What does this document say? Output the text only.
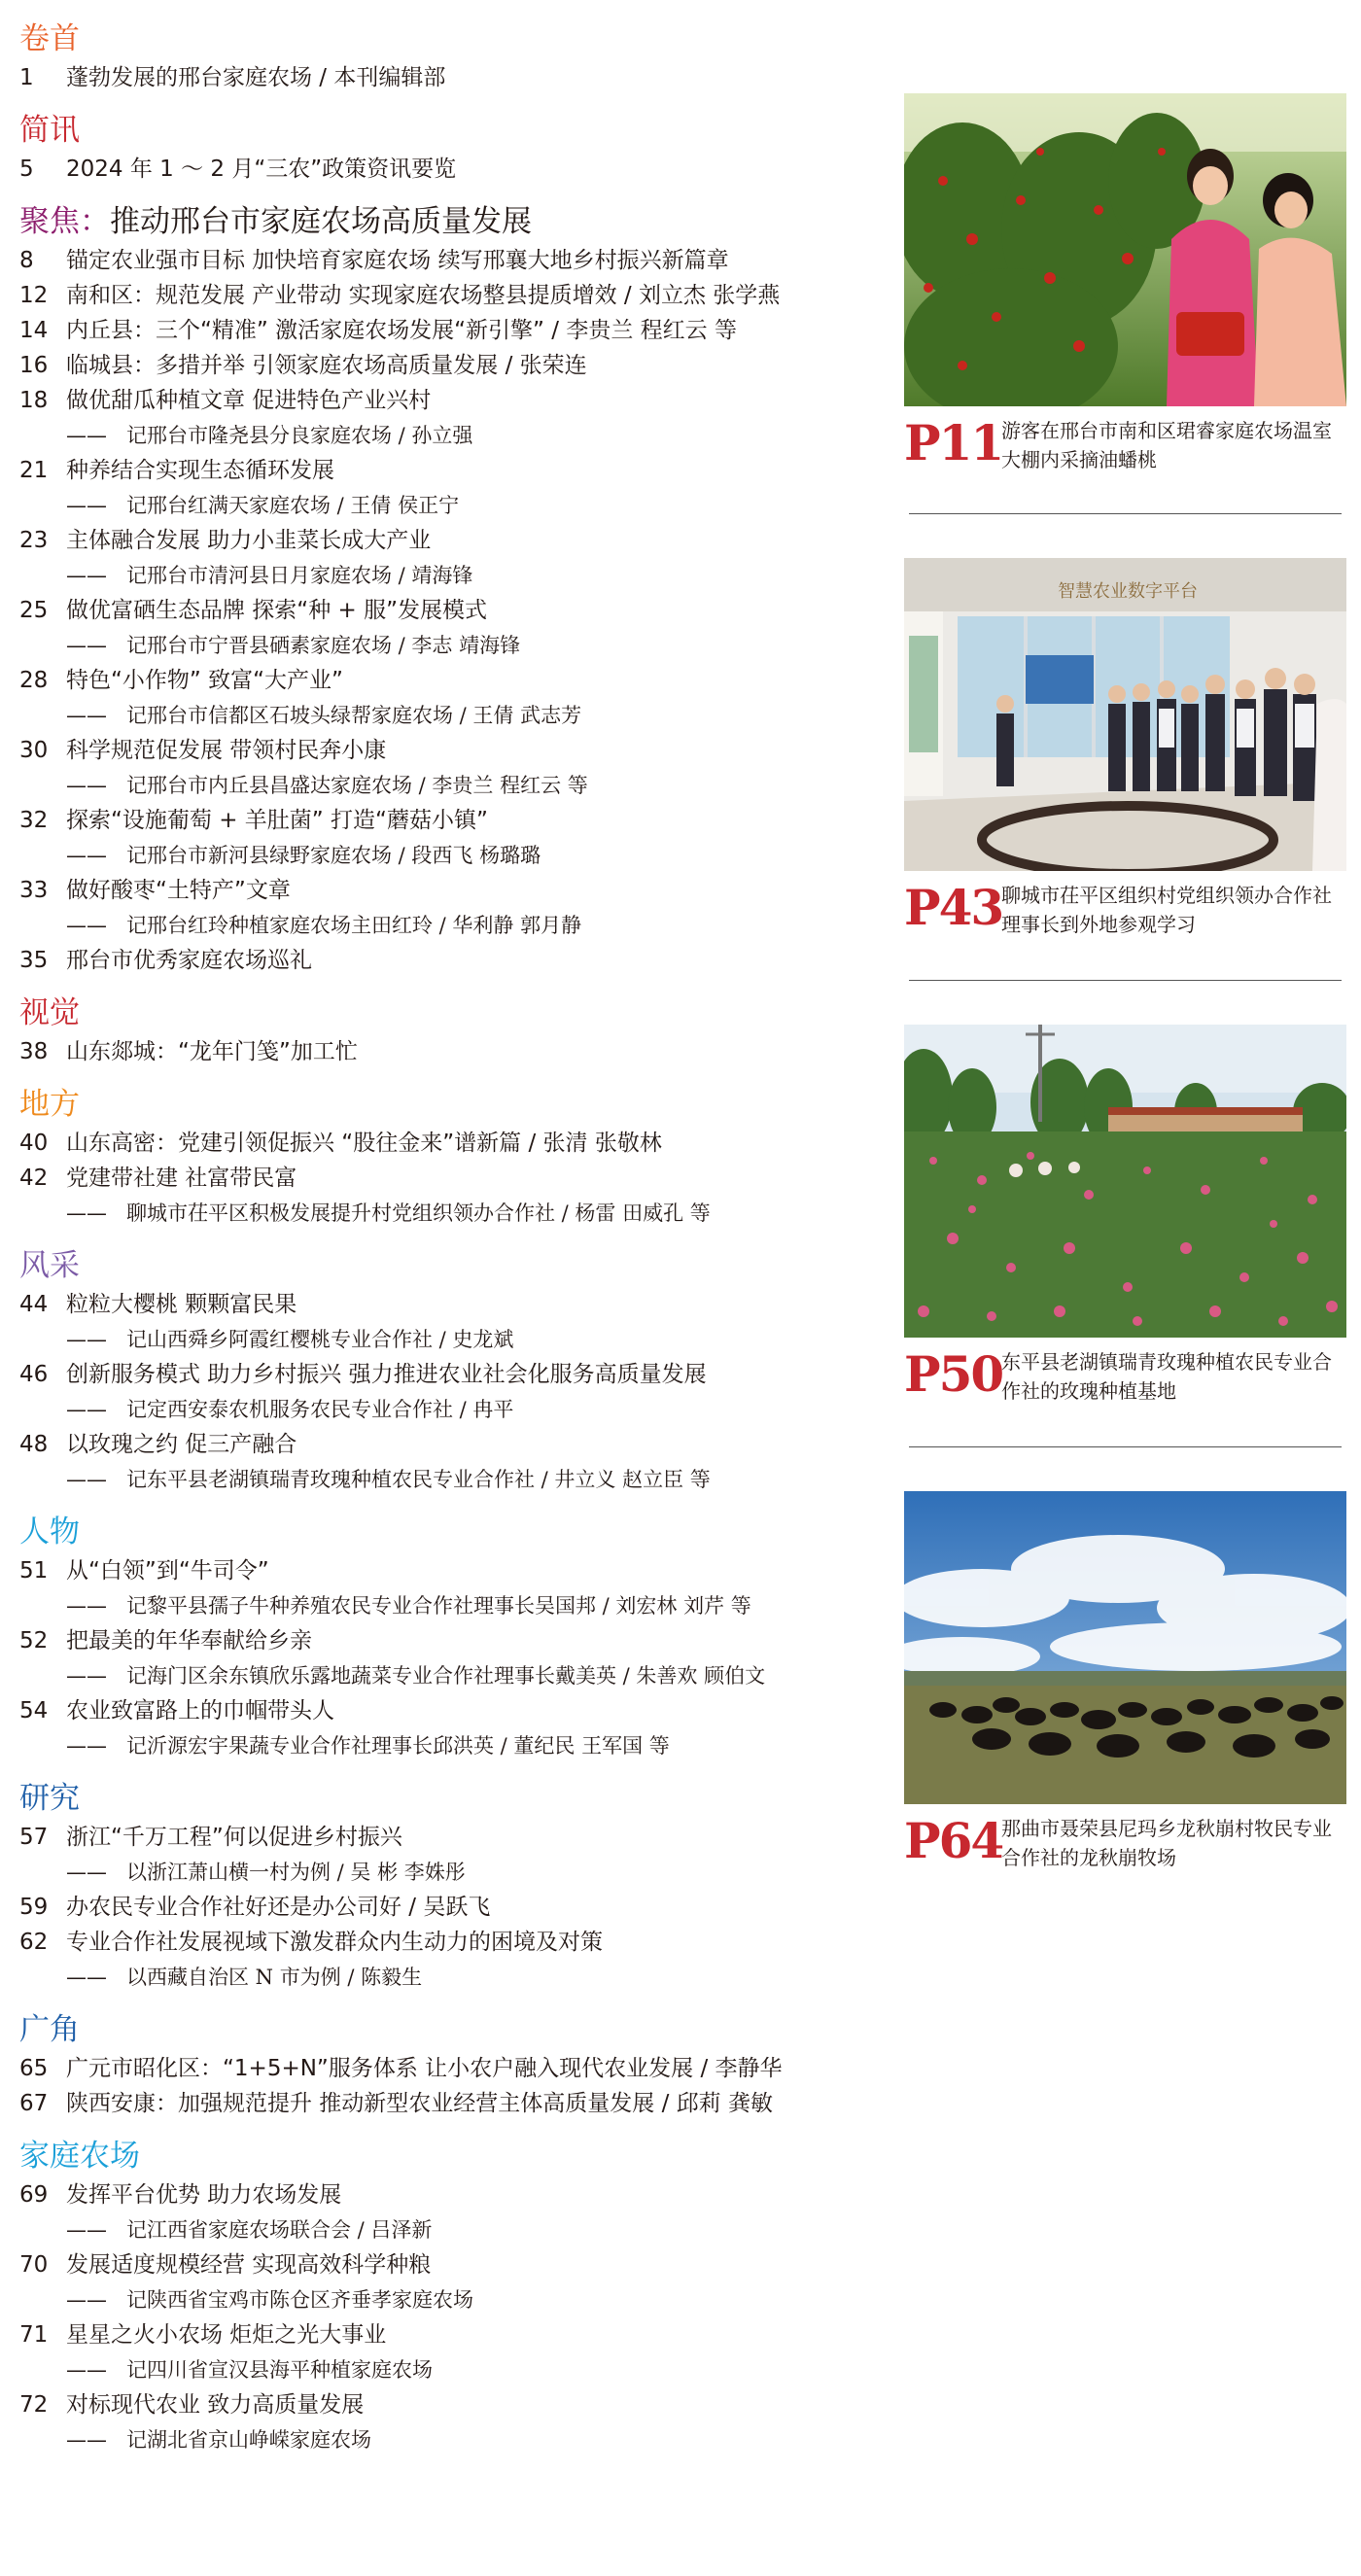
卷首
1	蓬勃发展的邢台家庭农场 / 本刊编辑部
简讯
5	2024 年 1 ～ 2 月“三农”政策资讯要览
聚焦：推动邢台市家庭农场高质量发展
8	锚定农业强市目标 加快培育家庭农场 续写邢襄大地乡村振兴新篇章
12 南和区：规范发展 产业带动 实现家庭农场整县提质增效 / 刘立杰 张学燕
14 内丘县：三个“精准” 激活家庭农场发展“新引擎” / 李贵兰 程红云 等
16 临城县：多措并举 引领家庭农场高质量发展 / 张荣连
18 做优甜瓜种植文章 促进特色产业兴村
—— 记邢台市隆尧县分良家庭农场 / 孙立强
21 种养结合实现生态循环发展
—— 记邢台红满天家庭农场 / 王倩 侯正宁
23 主体融合发展 助力小韭菜长成大产业
—— 记邢台市清河县日月家庭农场 / 靖海锋
25 做优富硒生态品牌 探索“种 + 服”发展模式
—— 记邢台市宁晋县硒素家庭农场 / 李志 靖海锋
28 特色“小作物” 致富“大产业”
—— 记邢台市信都区石坡头绿帮家庭农场 / 王倩 武志芳
30 科学规范促发展 带领村民奔小康
—— 记邢台市内丘县昌盛达家庭农场 / 李贵兰 程红云 等
32 探索“设施葡萄 + 羊肚菌” 打造“蘑菇小镇”
—— 记邢台市新河县绿野家庭农场 / 段西飞 杨璐璐
33 做好酸枣“土特产”文章
—— 记邢台红玲种植家庭农场主田红玲 / 华利静 郭月静
35 邢台市优秀家庭农场巡礼
视觉
38 山东郯城：“龙年门笺”加工忙
地方
40 山东高密：党建引领促振兴 “股往金来”谱新篇 / 张清 张敬林
42 党建带社建 社富带民富
—— 聊城市茌平区积极发展提升村党组织领办合作社 / 杨雷 田威孔 等
风采
44 粒粒大樱桃 颗颗富民果
—— 记山西舜乡阿霞红樱桃专业合作社 / 史龙斌
46 创新服务模式 助力乡村振兴 强力推进农业社会化服务高质量发展
—— 记定西安泰农机服务农民专业合作社 / 冉平
48 以玫瑰之约 促三产融合
—— 记东平县老湖镇瑞青玫瑰种植农民专业合作社 / 井立义 赵立臣 等
人物
51 从“白领”到“牛司令”
—— 记黎平县孺子牛种养殖农民专业合作社理事长吴国邦 / 刘宏林 刘芹 等
52 把最美的年华奉献给乡亲
—— 记海门区余东镇欣乐露地蔬菜专业合作社理事长戴美英 / 朱善欢 顾伯文
54 农业致富路上的巾帼带头人
—— 记沂源宏宇果蔬专业合作社理事长邱洪英 / 董纪民 王军国 等
研究
57 浙江“千万工程”何以促进乡村振兴
—— 以浙江萧山横一村为例 / 吴 彬 李姝彤
59 办农民专业合作社好还是办公司好 / 吴跃飞
62 专业合作社发展视域下激发群众内生动力的困境及对策
—— 以西藏自治区 N 市为例 / 陈毅生
广角
65 广元市昭化区：“1+5+N”服务体系 让小农户融入现代农业发展 / 李静华
67 陕西安康：加强规范提升 推动新型农业经营主体高质量发展 / 邱莉 龚敏
家庭农场
69 发挥平台优势 助力农场发展
—— 记江西省家庭农场联合会 / 吕泽新
70 发展适度规模经营 实现高效科学种粮
—— 记陕西省宝鸡市陈仓区齐垂孝家庭农场
71 星星之火小农场 炬炬之光大事业
—— 记四川省宣汉县海平种植家庭农场
72 对标现代农业 致力高质量发展
—— 记湖北省京山峥嵘家庭农场
P11
游客在邢台市南和区珺睿家庭农场温室大棚内采摘油蟠桃
智慧农业数字平台
P43
聊城市茌平区组织村党组织领办合作社理事长到外地参观学习
P50
东平县老湖镇瑞青玫瑰种植农民专业合作社的玫瑰种植基地
P64
那曲市聂荣县尼玛乡龙秋崩村牧民专业合作社的龙秋崩牧场
